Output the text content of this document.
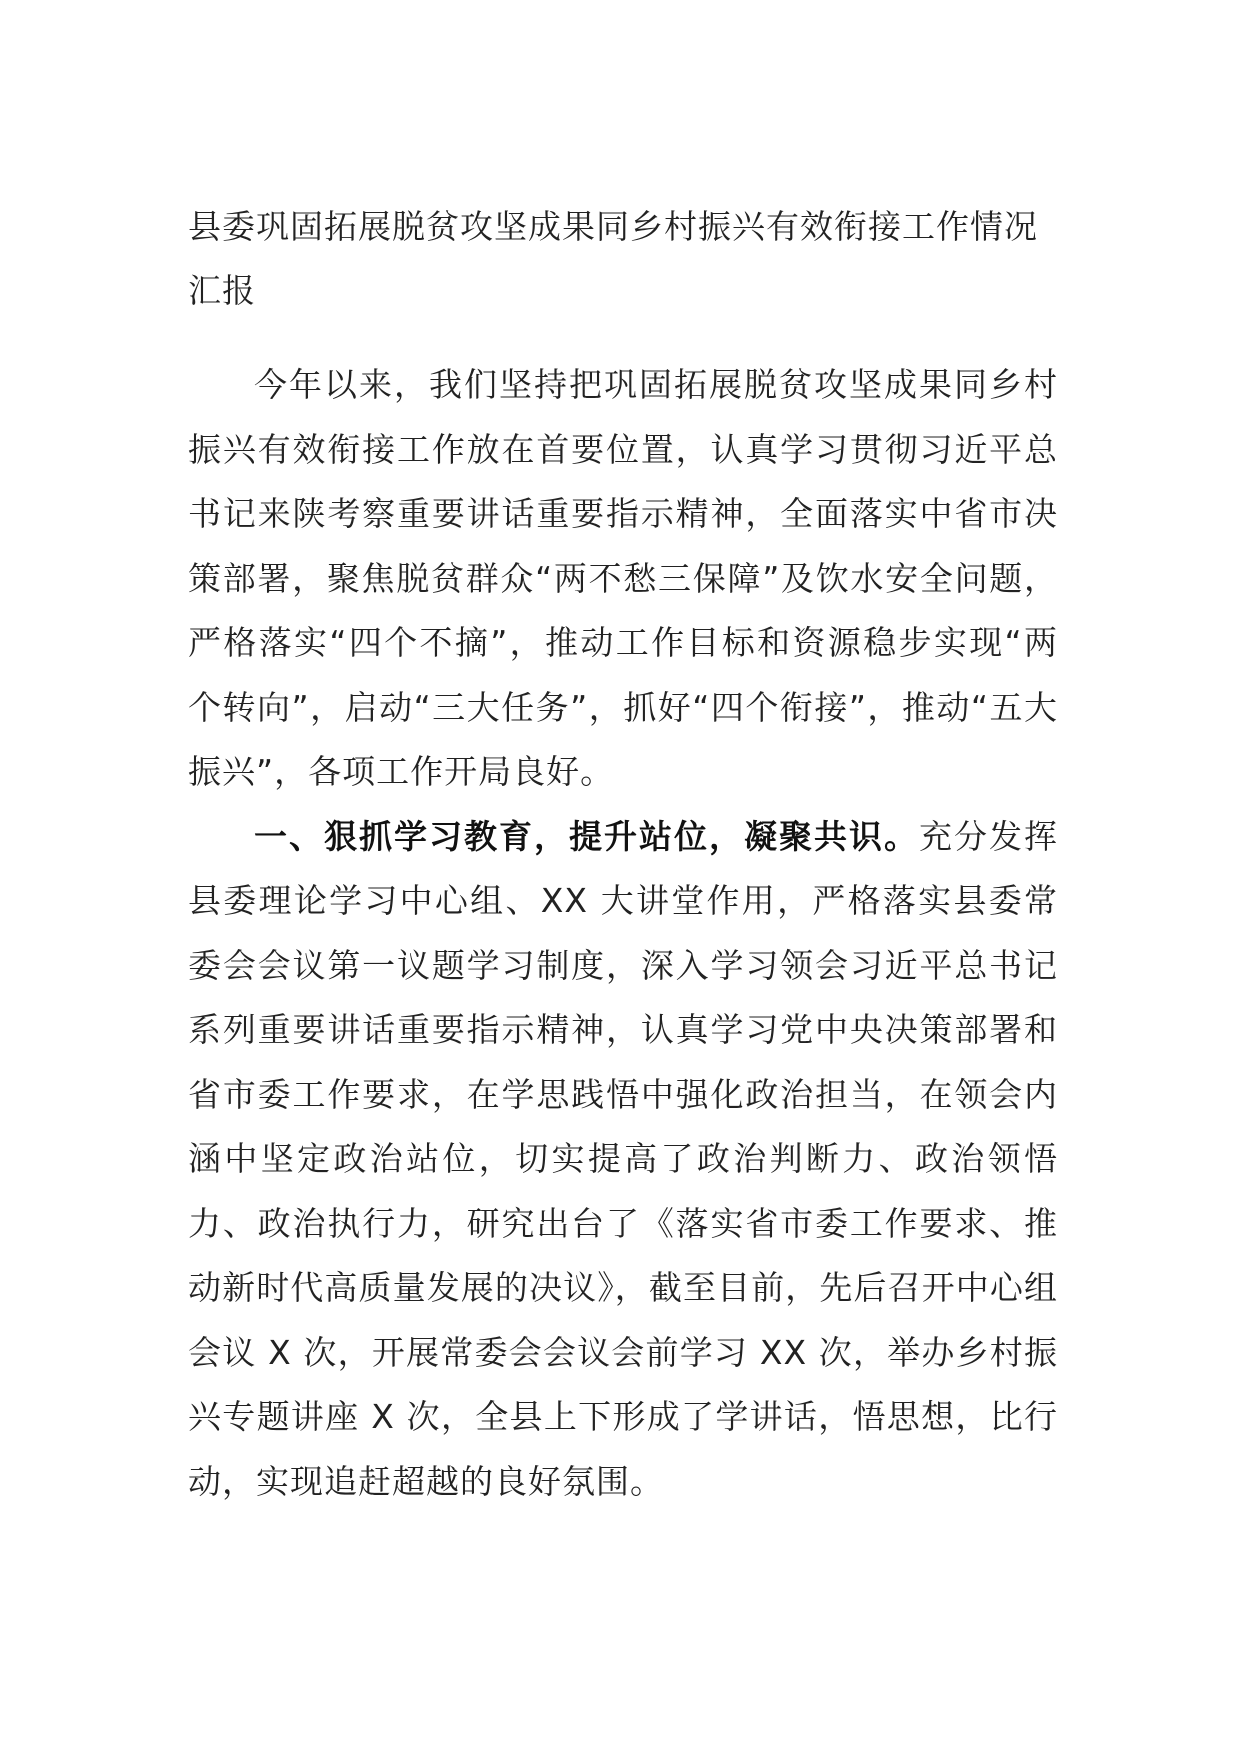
县委巩固拓展脱贫攻坚成果同乡村振兴有效衔接工作情况汇报

今年以来，我们坚持把巩固拓展脱贫攻坚成果同乡村振兴有效衔接工作放在首要位置，认真学习贯彻习近平总书记来陕考察重要讲话重要指示精神，全面落实中省市决策部署，聚焦脱贫群众“两不愁三保障”及饮水安全问题，严格落实“四个不摘”，推动工作目标和资源稳步实现“两个转向”，启动“三大任务”，抓好“四个衔接”，推动“五大振兴”，各项工作开局良好。

一、狠抓学习教育，提升站位，凝聚共识。充分发挥县委理论学习中心组、XX 大讲堂作用，严格落实县委常委会会议第一议题学习制度，深入学习领会习近平总书记系列重要讲话重要指示精神，认真学习党中央决策部署和省市委工作要求，在学思践悟中强化政治担当，在领会内涵中坚定政治站位，切实提高了政治判断力、政治领悟力、政治执行力，研究出台了《落实省市委工作要求、推动新时代高质量发展的决议》，截至目前，先后召开中心组会议 X 次，开展常委会会议会前学习 XX 次，举办乡村振兴专题讲座 X 次，全县上下形成了学讲话，悟思想，比行动，实现追赶超越的良好氛围。
